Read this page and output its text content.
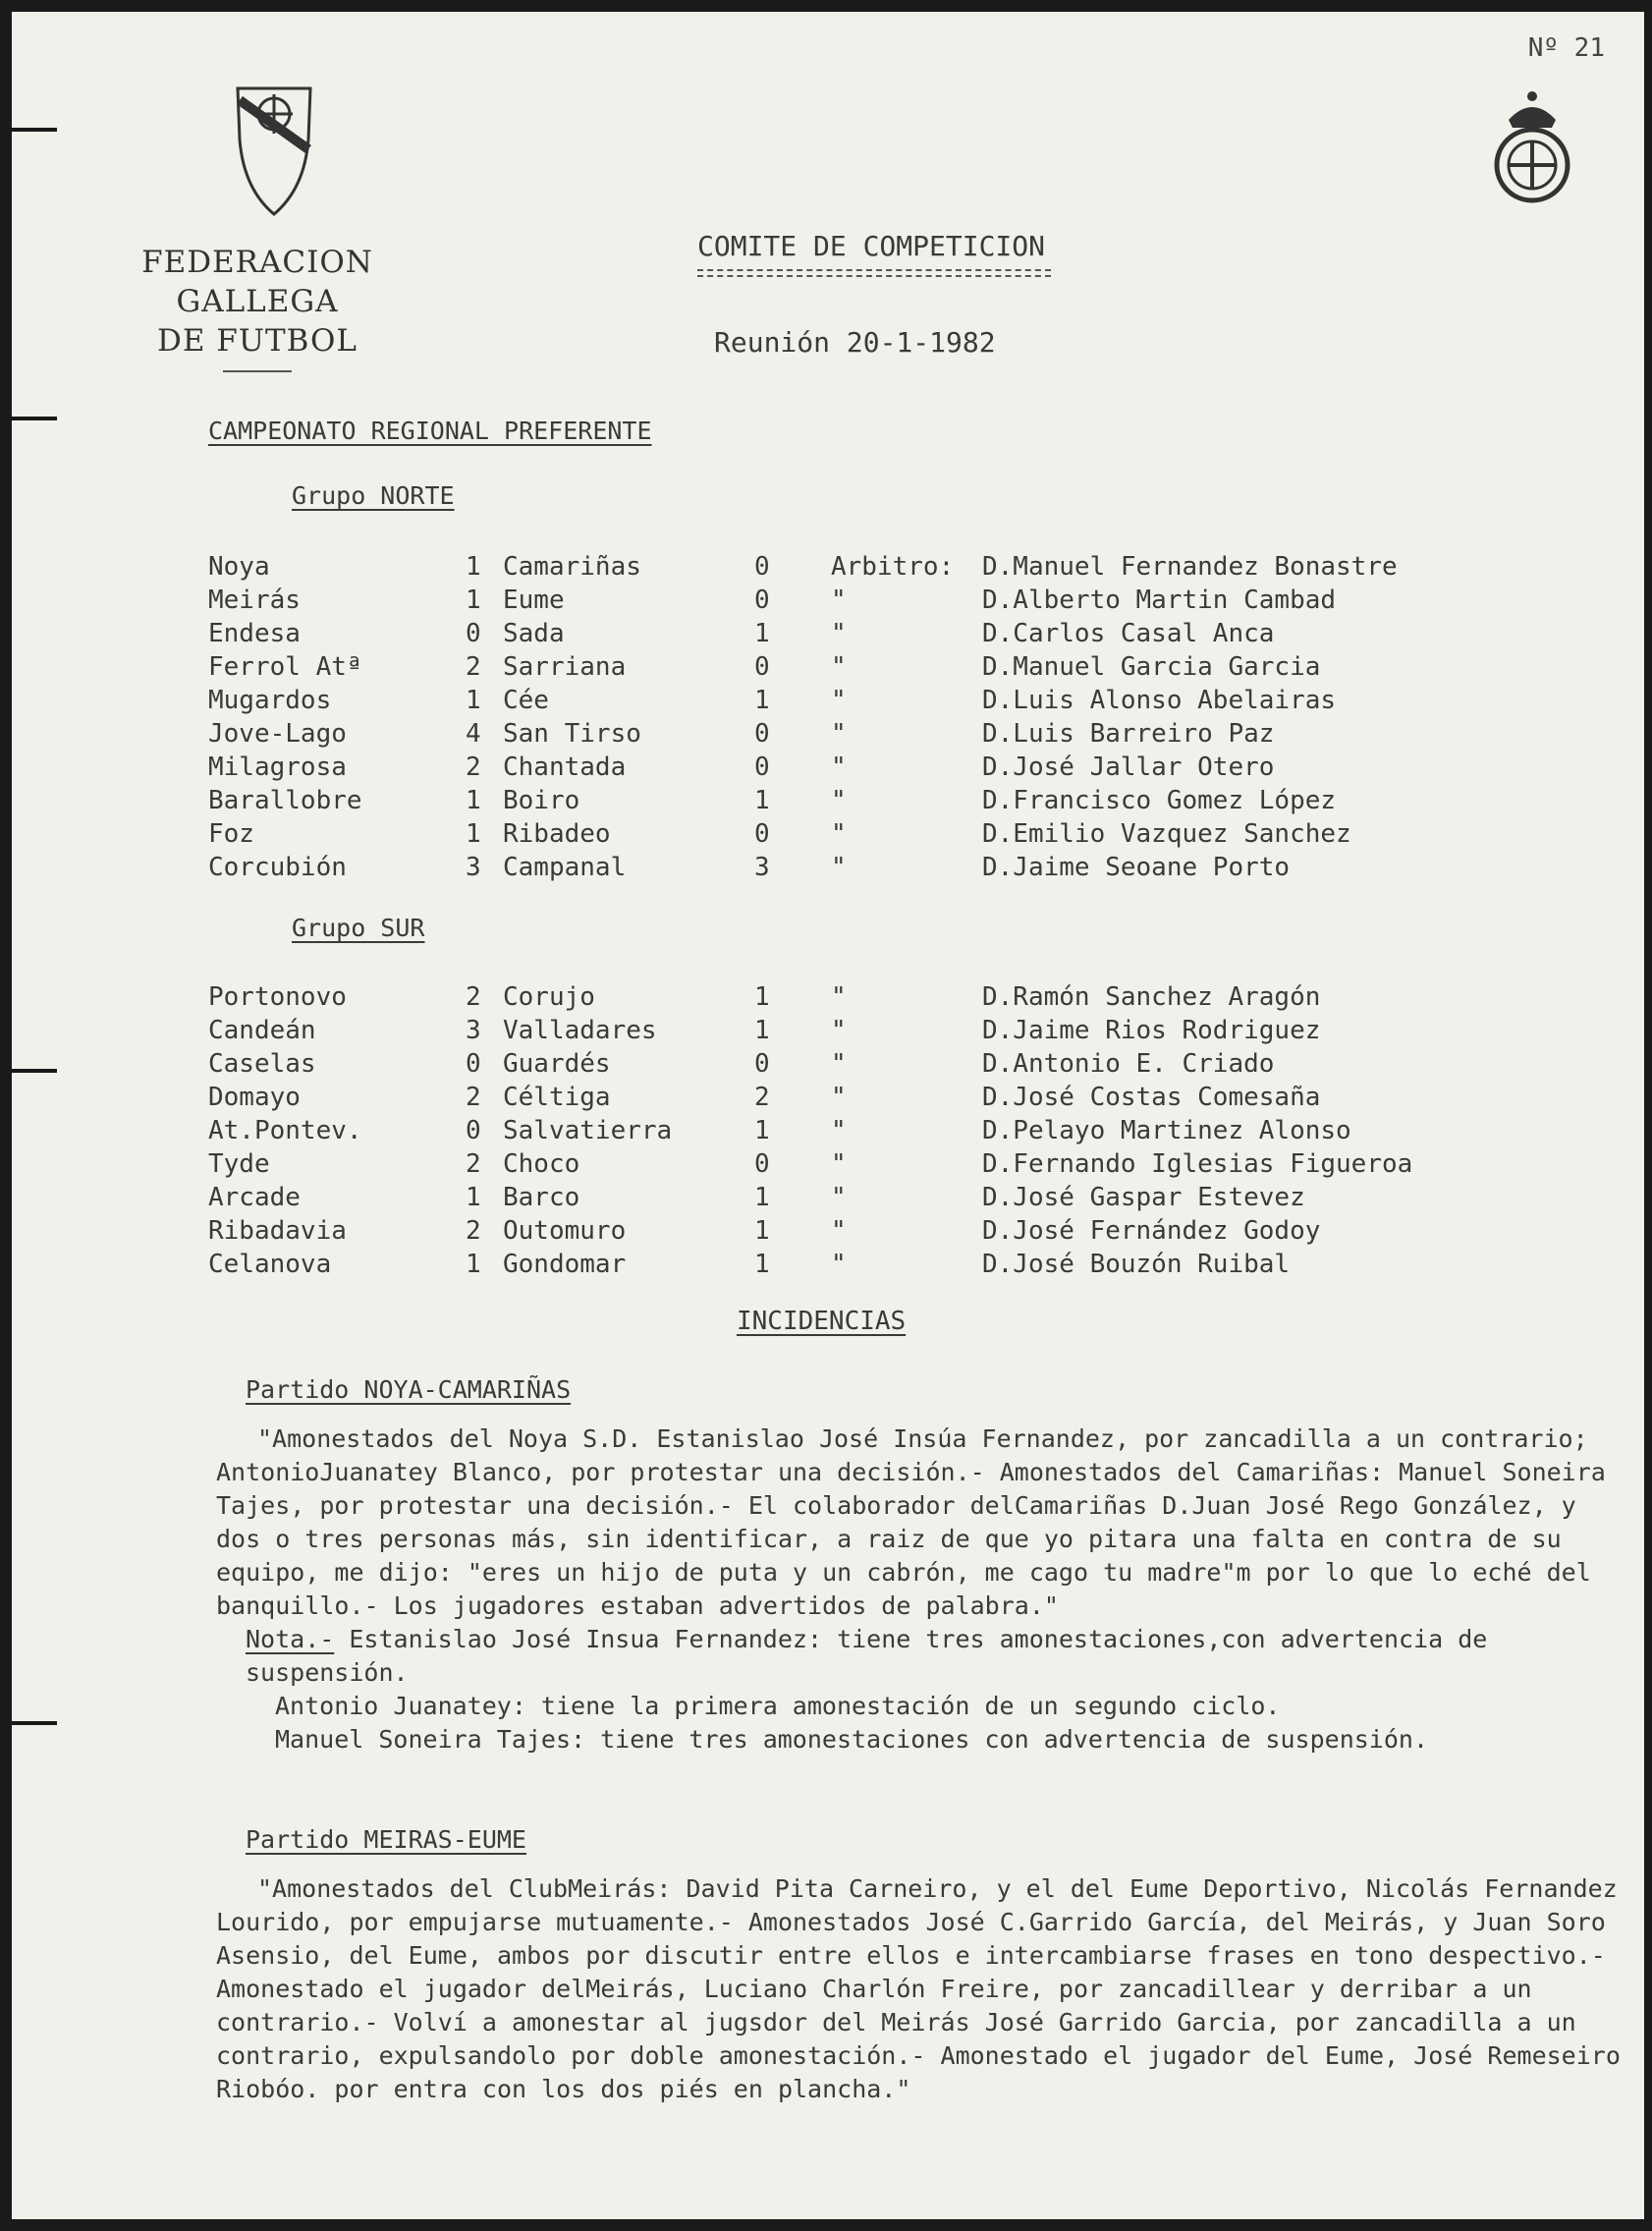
Nº 21
FEDERACION GALLEGA
DE FUTBOL
COMITE DE COMPETICION
Reunión 20-1-1982
CAMPEONATO REGIONAL PREFERENTE
Grupo NORTE
Noya	1 Camariñas	0 Arbitro: D.Manuel Fernandez Bonastre
Meirás	1 Eume	0 "	D.Alberto Martin Cambad
Endesa	0 Sada	1 "	D.Carlos Casal Anca
Ferrol Atª	2 Sarriana	0 "	D.Manuel Garcia Garcia
Mugardos	1 Cée	1 "	D.Luis Alonso Abelairas
Jove-Lago	4 San Tirso	0 "	D.Luis Barreiro Paz
Milagrosa	2 Chantada	0 "	D.José Jallar Otero
Barallobre	1 Boiro	1 "	D.Francisco Gomez López
Foz	1 Ribadeo	0 "	D.Emilio Vazquez Sanchez
Corcubión	3 Campanal	3 "	D.Jaime Seoane Porto
Grupo SUR
Portonovo	2 Corujo	1 "	D.Ramón Sanchez Aragón
Candeán	3 Valladares	1 "	D.Jaime Rios Rodriguez
Caselas	0 Guardés	0 "	D.Antonio E. Criado
Domayo	2 Céltiga	2 "	D.José Costas Comesaña
At.Pontev.	0 Salvatierra	1 "	D.Pelayo Martinez Alonso
Tyde	2 Choco	0 "	D.Fernando Iglesias Figueroa
Arcade	1 Barco	1 "	D.José Gaspar Estevez
Ribadavia	2 Outomuro	1 "	D.José Fernández Godoy
Celanova	1 Gondomar	1 "	D.José Bouzón Ruibal
INCIDENCIAS

Partido NOYA-CAMARIÑAS

"Amonestados del Noya S.D. Estanislao José Insúa Fernandez, por zancadilla a un contrario; AntonioJuanatey Blanco, por protestar una decisión.- Amonestados del Camariñas: Manuel Soneira Tajes, por protestar una decisión.- El colaborador delCamariñas D.Juan José Rego González, y dos o tres personas más, sin identificar, a raiz de que yo pitara una falta en contra de su equipo, me dijo: "eres un hijo de puta y un cabrón, me cago tu madre"m por lo que lo eché del banquillo.- Los jugadores estaban advertidos de palabra."

Nota.- Estanislao José Insua Fernandez: tiene tres amonestaciones,con advertencia de suspensión.

Antonio Juanatey: tiene la primera amonestación de un segundo ciclo.

Manuel Soneira Tajes: tiene tres amonestaciones con advertencia de suspensión.

Partido MEIRAS-EUME

"Amonestados del ClubMeirás: David Pita Carneiro, y el del Eume Deportivo, Nicolás Fernandez Lourido, por empujarse mutuamente.- Amonestados José C.Garrido García, del Meirás, y Juan Soro Asensio, del Eume, ambos por discutir entre ellos e intercambiarse frases en tono despectivo.- Amonestado el jugador delMeirás, Luciano Charlón Freire, por zancadillear y derribar a un contrario.- Volví a amonestar al jugsdor del Meirás José Garrido Garcia, por zancadilla a un contrario, expulsandolo por doble amonestación.- Amonestado el jugador del Eume, José Remeseiro Riobóo. por entra con los dos piés en plancha."
